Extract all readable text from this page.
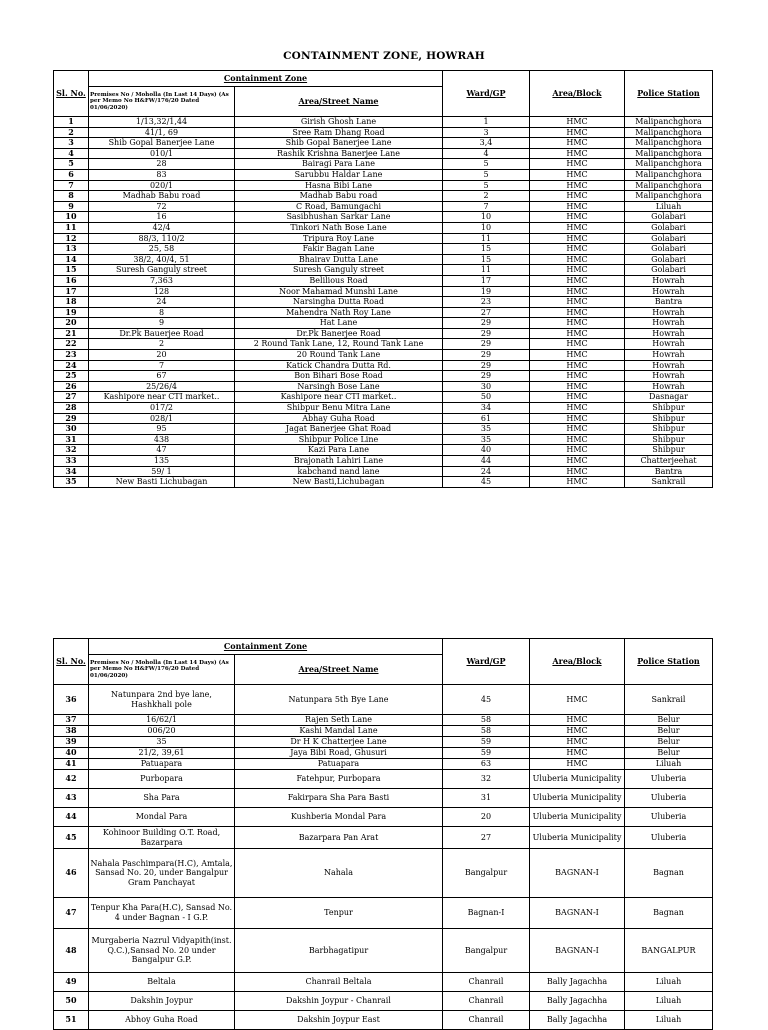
CONTAINMENT ZONE, HOWRAH
Sl. No.	Containment Zone		Ward/GP	Area/Block	Police Station
	Premises No / Moholla (In Last 14 Days) (As per Memo No H&FW/176/20 Dated 01/06/2020)	Area/Street Name			
1	1/13,32/1,44	Girish Ghosh Lane	1	HMC	Malipanchghora
2	41/1, 69	Sree Ram Dhang Road	3	HMC	Malipanchghora
3	Shib Gopal Banerjee Lane	Shib Gopal Banerjee Lane	3,4	HMC	Malipanchghora
4	010/1	Rashik Krishna Banerjee Lane	4	HMC	Malipanchghora
5	28	Bairagi Para Lane	5	HMC	Malipanchghora
6	83	Sarubbu Haldar Lane	5	HMC	Malipanchghora
7	020/1	Hasna Bibi Lane	5	HMC	Malipanchghora
8	Madhab Babu road	Madhab Babu road	2	HMC	Malipanchghora
9	72	C Road, Bamungachi	7	HMC	Liluah
10	16	Sasibhushan Sarkar Lane	10	HMC	Golabari
11	42/4	Tinkori Nath Bose Lane	10	HMC	Golabari
12	88/3, 110/2	Tripura Roy Lane	11	HMC	Golabari
13	25, 58	Fakir Bagan Lane	15	HMC	Golabari
14	38/2, 40/4, 51	Bhairav Dutta Lane	15	HMC	Golabari
15	Suresh Ganguly street	Suresh Ganguly street	11	HMC	Golabari
16	7,363	Belilious Road	17	HMC	Howrah
17	128	Noor Mahamad Munshi Lane	19	HMC	Howrah
18	24	Narsingha Dutta Road	23	HMC	Bantra
19	8	Mahendra Nath Roy Lane	27	HMC	Howrah
20	9	Hat Lane	29	HMC	Howrah
21	Dr.Pk Bauerjee Road	Dr.Pk Banerjee Road	29	HMC	Howrah
22	2	2 Round Tank Lane, 12, Round Tank Lane	29	HMC	Howrah
23	20	20 Round Tank Lane	29	HMC	Howrah
24	7	Katick Chandra Dutta Rd.	29	HMC	Howrah
25	67	Bon Bihari Bose Road	29	HMC	Howrah
26	25/26/4	Narsingh Bose Lane	30	HMC	Howrah
27	Kashipore near CTI market..	Kashipore near CTI market..	50	HMC	Dasnagar
28	017/2	Shibpur Benu Mitra Lane	34	HMC	Shibpur
29	028/1	Abhay Guha Road	61	HMC	Shibpur
30	95	Jagat Banerjee Ghat Road	35	HMC	Shibpur
31	438	Shibpur Police Line	35	HMC	Shibpur
32	47	Kazi Para Lane	40	HMC	Shibpur
33	135	Brajonath Lahiri Lane	44	HMC	Chatterjeehat
34	59/ 1	kabchand nand lane	24	HMC	Bantra
35	New Basti Lichubagan	New Basti,Lichubagan	45	HMC	Sankrail
Sl. No.	Containment Zone		Ward/GP	Area/Block	Police Station
	Premises No / Moholla (In Last 14 Days) (As per Memo No H&FW/176/20 Dated 01/06/2020)	Area/Street Name			
36	Natunpara 2nd bye lane, Hashkhali pole	Natunpara 5th Bye Lane	45	HMC	Sankrail
37	16/62/1	Rajen Seth Lane	58	HMC	Belur
38	006/20	Kashi Mandal Lane	58	HMC	Belur
39	35	Dr H K Chatterjee Lane	59	HMC	Belur
40	21/2, 39,61	Jaya Bibi Road, Ghusuri	59	HMC	Belur
41	Patuapara	Patuapara	63	HMC	Liluah
42	Purbopara	Fatehpur, Purbopara	32	Uluberia Municipality	Uluberia
43	Sha Para	Fakirpara Sha Para Basti	31	Uluberia Municipality	Uluberia
44	Mondal Para	Kushberia Mondal Para	20	Uluberia Municipality	Uluberia
45	Kohinoor Building O.T. Road, Bazarpara	Bazarpara Pan Arat	27	Uluberia Municipality	Uluberia
46	Nahala Paschimpara(H.C), Amtala, Sansad No. 20, under Bangalpur Gram Panchayat	Nahala	Bangalpur	BAGNAN-I	Bagnan
47	Tenpur Kha Para(H.C), Sansad No. 4 under Bagnan - I G.P.	Tenpur	Bagnan-I	BAGNAN-I	Bagnan
48	Murgaberia Nazrul Vidyapith(inst. Q.C.),Sansad No. 20 under Bangalpur G.P.	Barbhagatipur	Bangalpur	BAGNAN-I	BANGALPUR
49	Beltala	Chanrail Beltala	Chanrail	Bally Jagachha	Liluah
50	Dakshin Joypur	Dakshin Joypur - Chanrail	Chanrail	Bally Jagachha	Liluah
51	Abhoy Guha Road	Dakshin Joypur East	Chanrail	Bally Jagachha	Liluah
